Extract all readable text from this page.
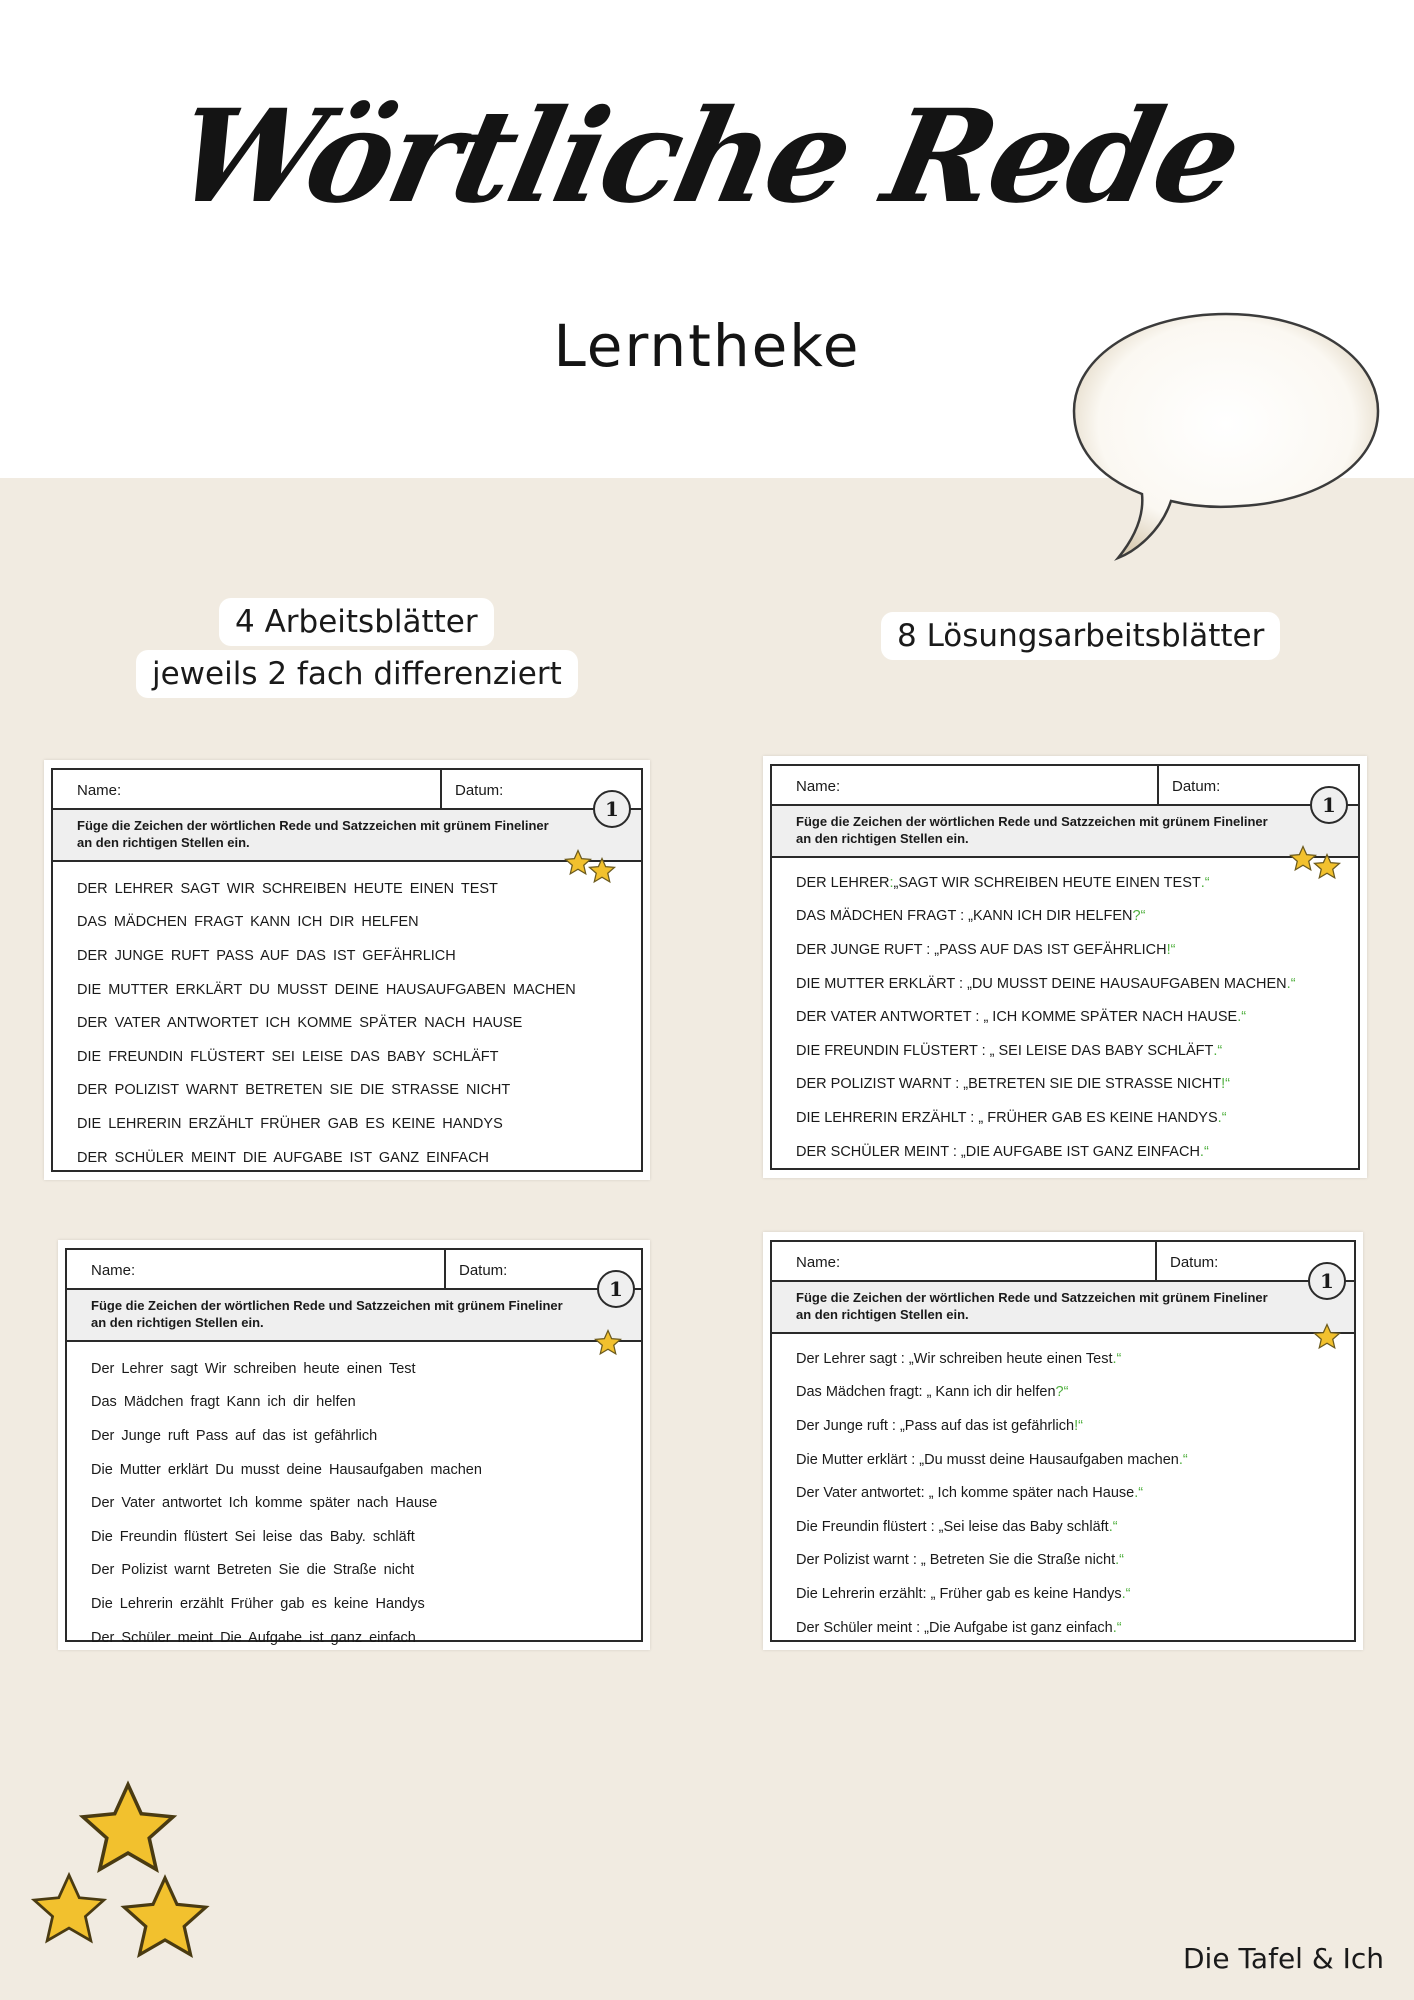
Wörtliche Rede
Lerntheke
4 Arbeitsblätter
jeweils 2 fach differenziert
8 Lösungsarbeitsblätter
Name:	Datum:
Füge die Zeichen der wörtlichen Rede und Satzzeichen mit grünem Fineliner
an den richtigen Stellen ein.
1
DER LEHRER SAGT WIR SCHREIBEN HEUTE EINEN TEST
DAS MÄDCHEN FRAGT KANN ICH DIR HELFEN
DER JUNGE RUFT PASS AUF DAS IST GEFÄHRLICH
DIE MUTTER ERKLÄRT DU MUSST DEINE HAUSAUFGABEN MACHEN
DER VATER ANTWORTET ICH KOMME SPÄTER NACH HAUSE
DIE FREUNDIN FLÜSTERT SEI LEISE DAS BABY SCHLÄFT
DER POLIZIST WARNT BETRETEN SIE DIE STRASSE NICHT
DIE LEHRERIN ERZÄHLT FRÜHER GAB ES KEINE HANDYS
DER SCHÜLER MEINT DIE AUFGABE IST GANZ EINFACH
Name:	Datum:
Füge die Zeichen der wörtlichen Rede und Satzzeichen mit grünem Fineliner
an den richtigen Stellen ein.
1
Der Lehrer sagt Wir schreiben heute einen Test
Das Mädchen fragt Kann ich dir helfen
Der Junge ruft Pass auf das ist gefährlich
Die Mutter erklärt Du musst deine Hausaufgaben machen
Der Vater antwortet Ich komme später nach Hause
Die Freundin flüstert Sei leise das Baby. schläft
Der Polizist warnt Betreten Sie die Straße nicht
Die Lehrerin erzählt Früher gab es keine Handys
Der Schüler meint Die Aufgabe ist ganz einfach
Name:	Datum:
Füge die Zeichen der wörtlichen Rede und Satzzeichen mit grünem Fineliner
an den richtigen Stellen ein.
1
DER LEHRER : „SAGT WIR SCHREIBEN HEUTE EINEN TEST . “
DAS MÄDCHEN FRAGT : „KANN ICH DIR HELFEN ? “
DER JUNGE RUFT : „PASS AUF DAS IST GEFÄHRLICH ! “
DIE MUTTER ERKLÄRT : „DU MUSST DEINE HAUSAUFGABEN MACHEN . “
DER VATER ANTWORTET : „ ICH KOMME SPÄTER NACH HAUSE . “
DIE FREUNDIN FLÜSTERT : „ SEI LEISE DAS BABY SCHLÄFT . “
DER POLIZIST WARNT : „BETRETEN SIE DIE STRASSE NICHT ! “
DIE LEHRERIN ERZÄHLT : „ FRÜHER GAB ES KEINE HANDYS . “
DER SCHÜLER MEINT : „DIE AUFGABE IST GANZ EINFACH . “
Name:	Datum:
Füge die Zeichen der wörtlichen Rede und Satzzeichen mit grünem Fineliner
an den richtigen Stellen ein.
1
Der Lehrer sagt : „Wir schreiben heute einen Test . “
Das Mädchen fragt: „ Kann ich dir helfen ? “
Der Junge ruft : „Pass auf das ist gefährlich ! “
Die Mutter erklärt : „Du musst deine Hausaufgaben machen . “
Der Vater antwortet: „ Ich komme später nach Hause . “
Die Freundin flüstert : „Sei leise das Baby schläft . “
Der Polizist warnt : „ Betreten Sie die Straße nicht . “
Die Lehrerin erzählt: „ Früher gab es keine Handys . “
Der Schüler meint : „Die Aufgabe ist ganz einfach . “
Die Tafel & Ich
